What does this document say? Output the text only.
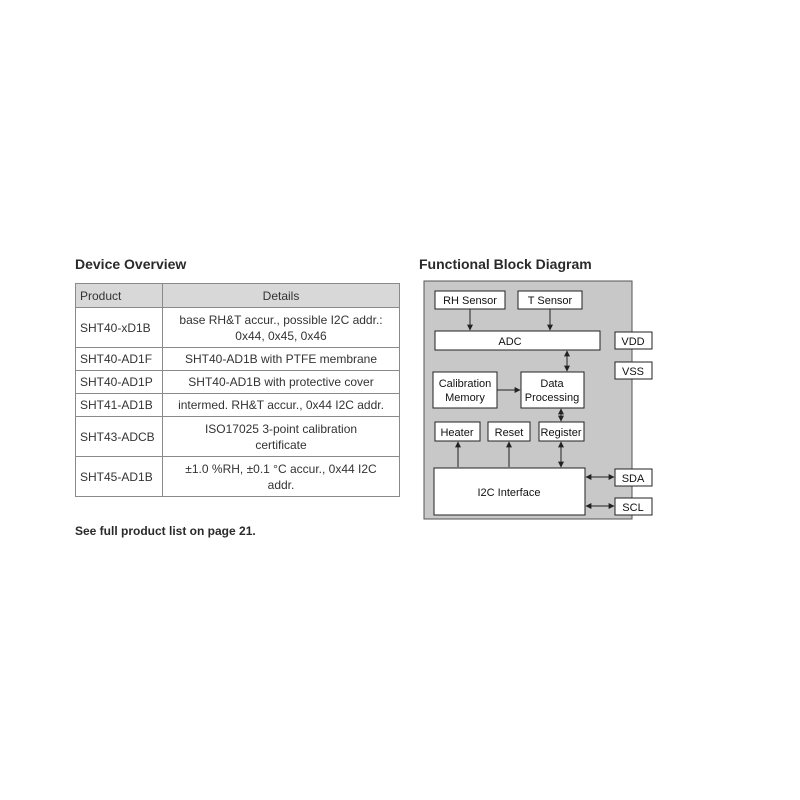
Device Overview
Product	Details
SHT40-xD1B	base RH&T accur., possible I2C addr.:
0x44, 0x45, 0x46

SHT40-AD1F	SHT40-AD1B with PTFE membrane

SHT40-AD1P	SHT40-AD1B with protective cover

SHT41-AD1B	intermed. RH&T accur., 0x44 I2C addr.

SHT43-ADCB	ISO17025 3-point calibration
certificate

SHT45-AD1B	±1.0 %RH, ±0.1 °C accur., 0x44 I2C
addr.
See full product list on page 21.
Functional Block Diagram
RH Sensor	T Sensor
ADC
Calibration
Memory
Data
Processing
Heater Reset Register
I2C Interface
VDD
VSS
SDA
SCL
